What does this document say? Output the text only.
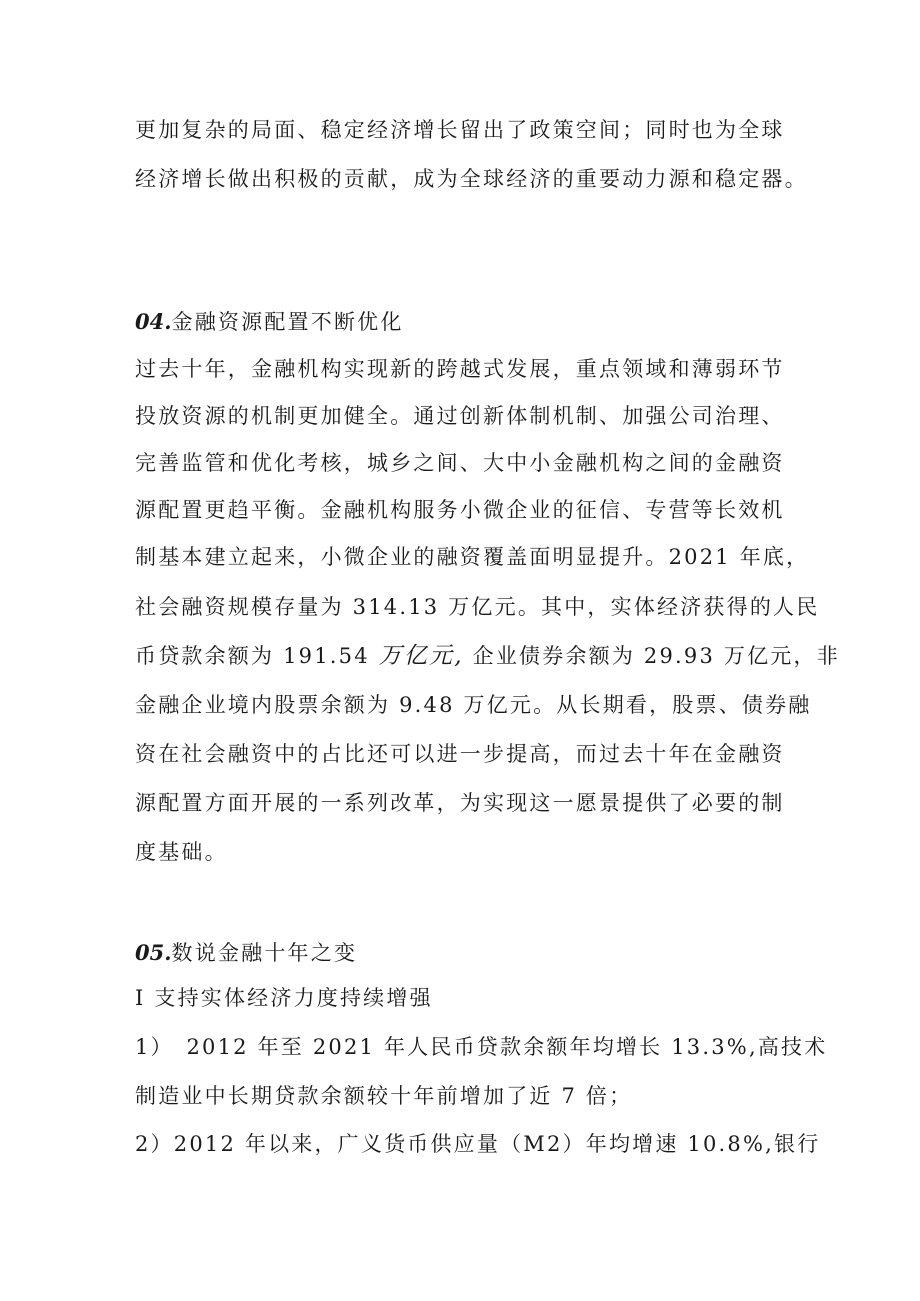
更加复杂的局面、稳定经济增长留出了政策空间；同时也为全球
经济增长做出积极的贡献，成为全球经济的重要动力源和稳定器。
04.金融资源配置不断优化
过去十年，金融机构实现新的跨越式发展，重点领域和薄弱环节
投放资源的机制更加健全。通过创新体制机制、加强公司治理、
完善监管和优化考核，城乡之间、大中小金融机构之间的金融资
源配置更趋平衡。金融机构服务小微企业的征信、专营等长效机
制基本建立起来，小微企业的融资覆盖面明显提升。2021 年底，
社会融资规模存量为 314.13 万亿元。其中，实体经济获得的人民
币贷款余额为 191.54 万亿元, 企业债券余额为 29.93 万亿元，非
金融企业境内股票余额为 9.48 万亿元。从长期看，股票、债券融
资在社会融资中的占比还可以进一步提高，而过去十年在金融资
源配置方面开展的一系列改革，为实现这一愿景提供了必要的制
度基础。
05.数说金融十年之变
I 支持实体经济力度持续增强
1）　2012 年至 2021 年人民币贷款余额年均增长 13.3%,高技术
制造业中长期贷款余额较十年前增加了近 7 倍；
2）2012 年以来，广义货币供应量（M2）年均增速 10.8%,银行
